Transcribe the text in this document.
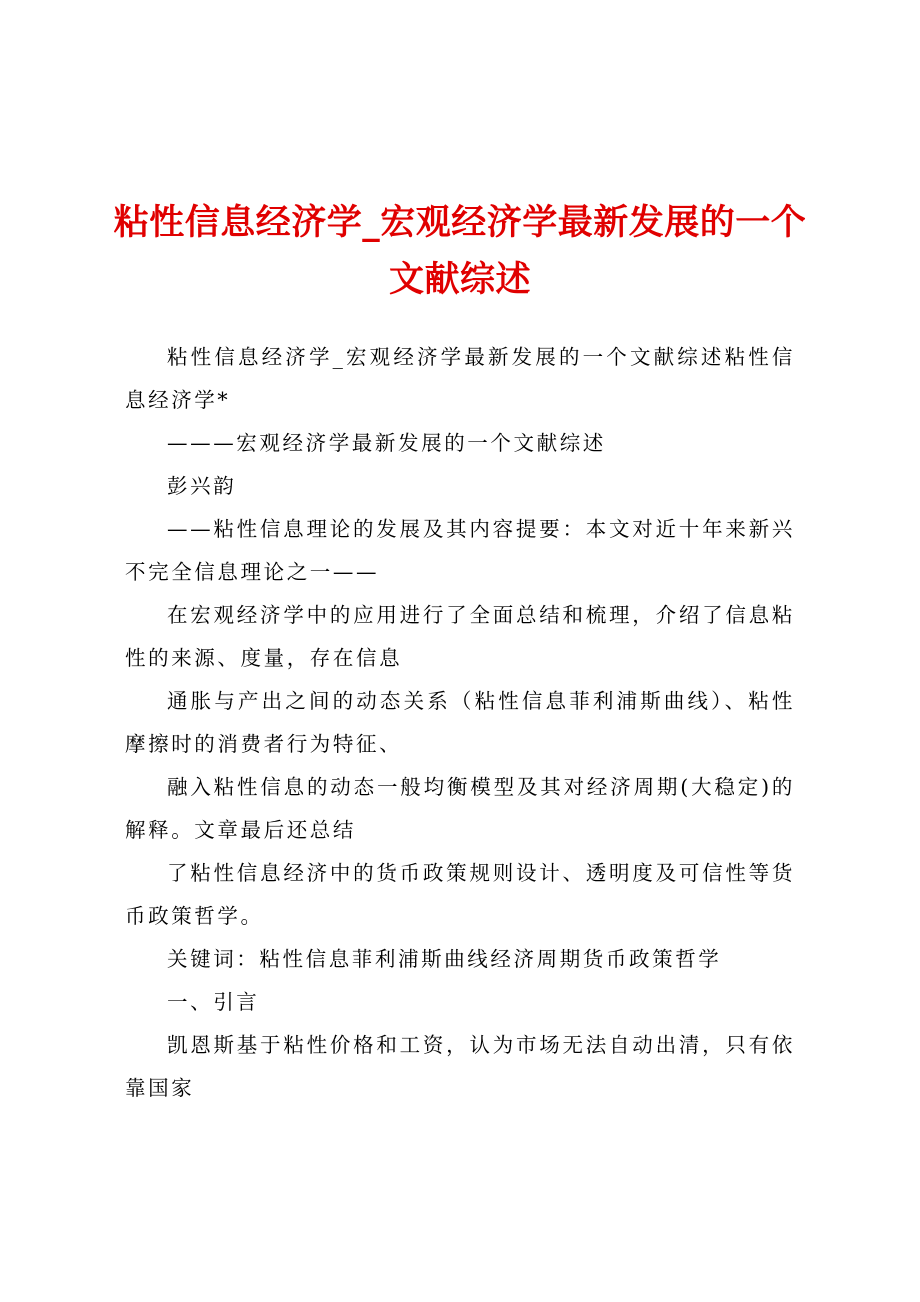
粘性信息经济学_宏观经济学最新发展的一个文献综述

粘性信息经济学_宏观经济学最新发展的一个文献综述粘性信息经济学*

———宏观经济学最新发展的一个文献综述

彭兴韵

——粘性信息理论的发展及其内容提要：本文对近十年来新兴不完全信息理论之一——

在宏观经济学中的应用进行了全面总结和梳理，介绍了信息粘性的来源、度量，存在信息

通胀与产出之间的动态关系（粘性信息菲利浦斯曲线）、粘性摩擦时的消费者行为特征、

融入粘性信息的动态一般均衡模型及其对经济周期(大稳定)的解释。文章最后还总结

了粘性信息经济中的货币政策规则设计、透明度及可信性等货币政策哲学。

关键词：粘性信息菲利浦斯曲线经济周期货币政策哲学

一、引言

凯恩斯基于粘性价格和工资，认为市场无法自动出清，只有依靠国家
